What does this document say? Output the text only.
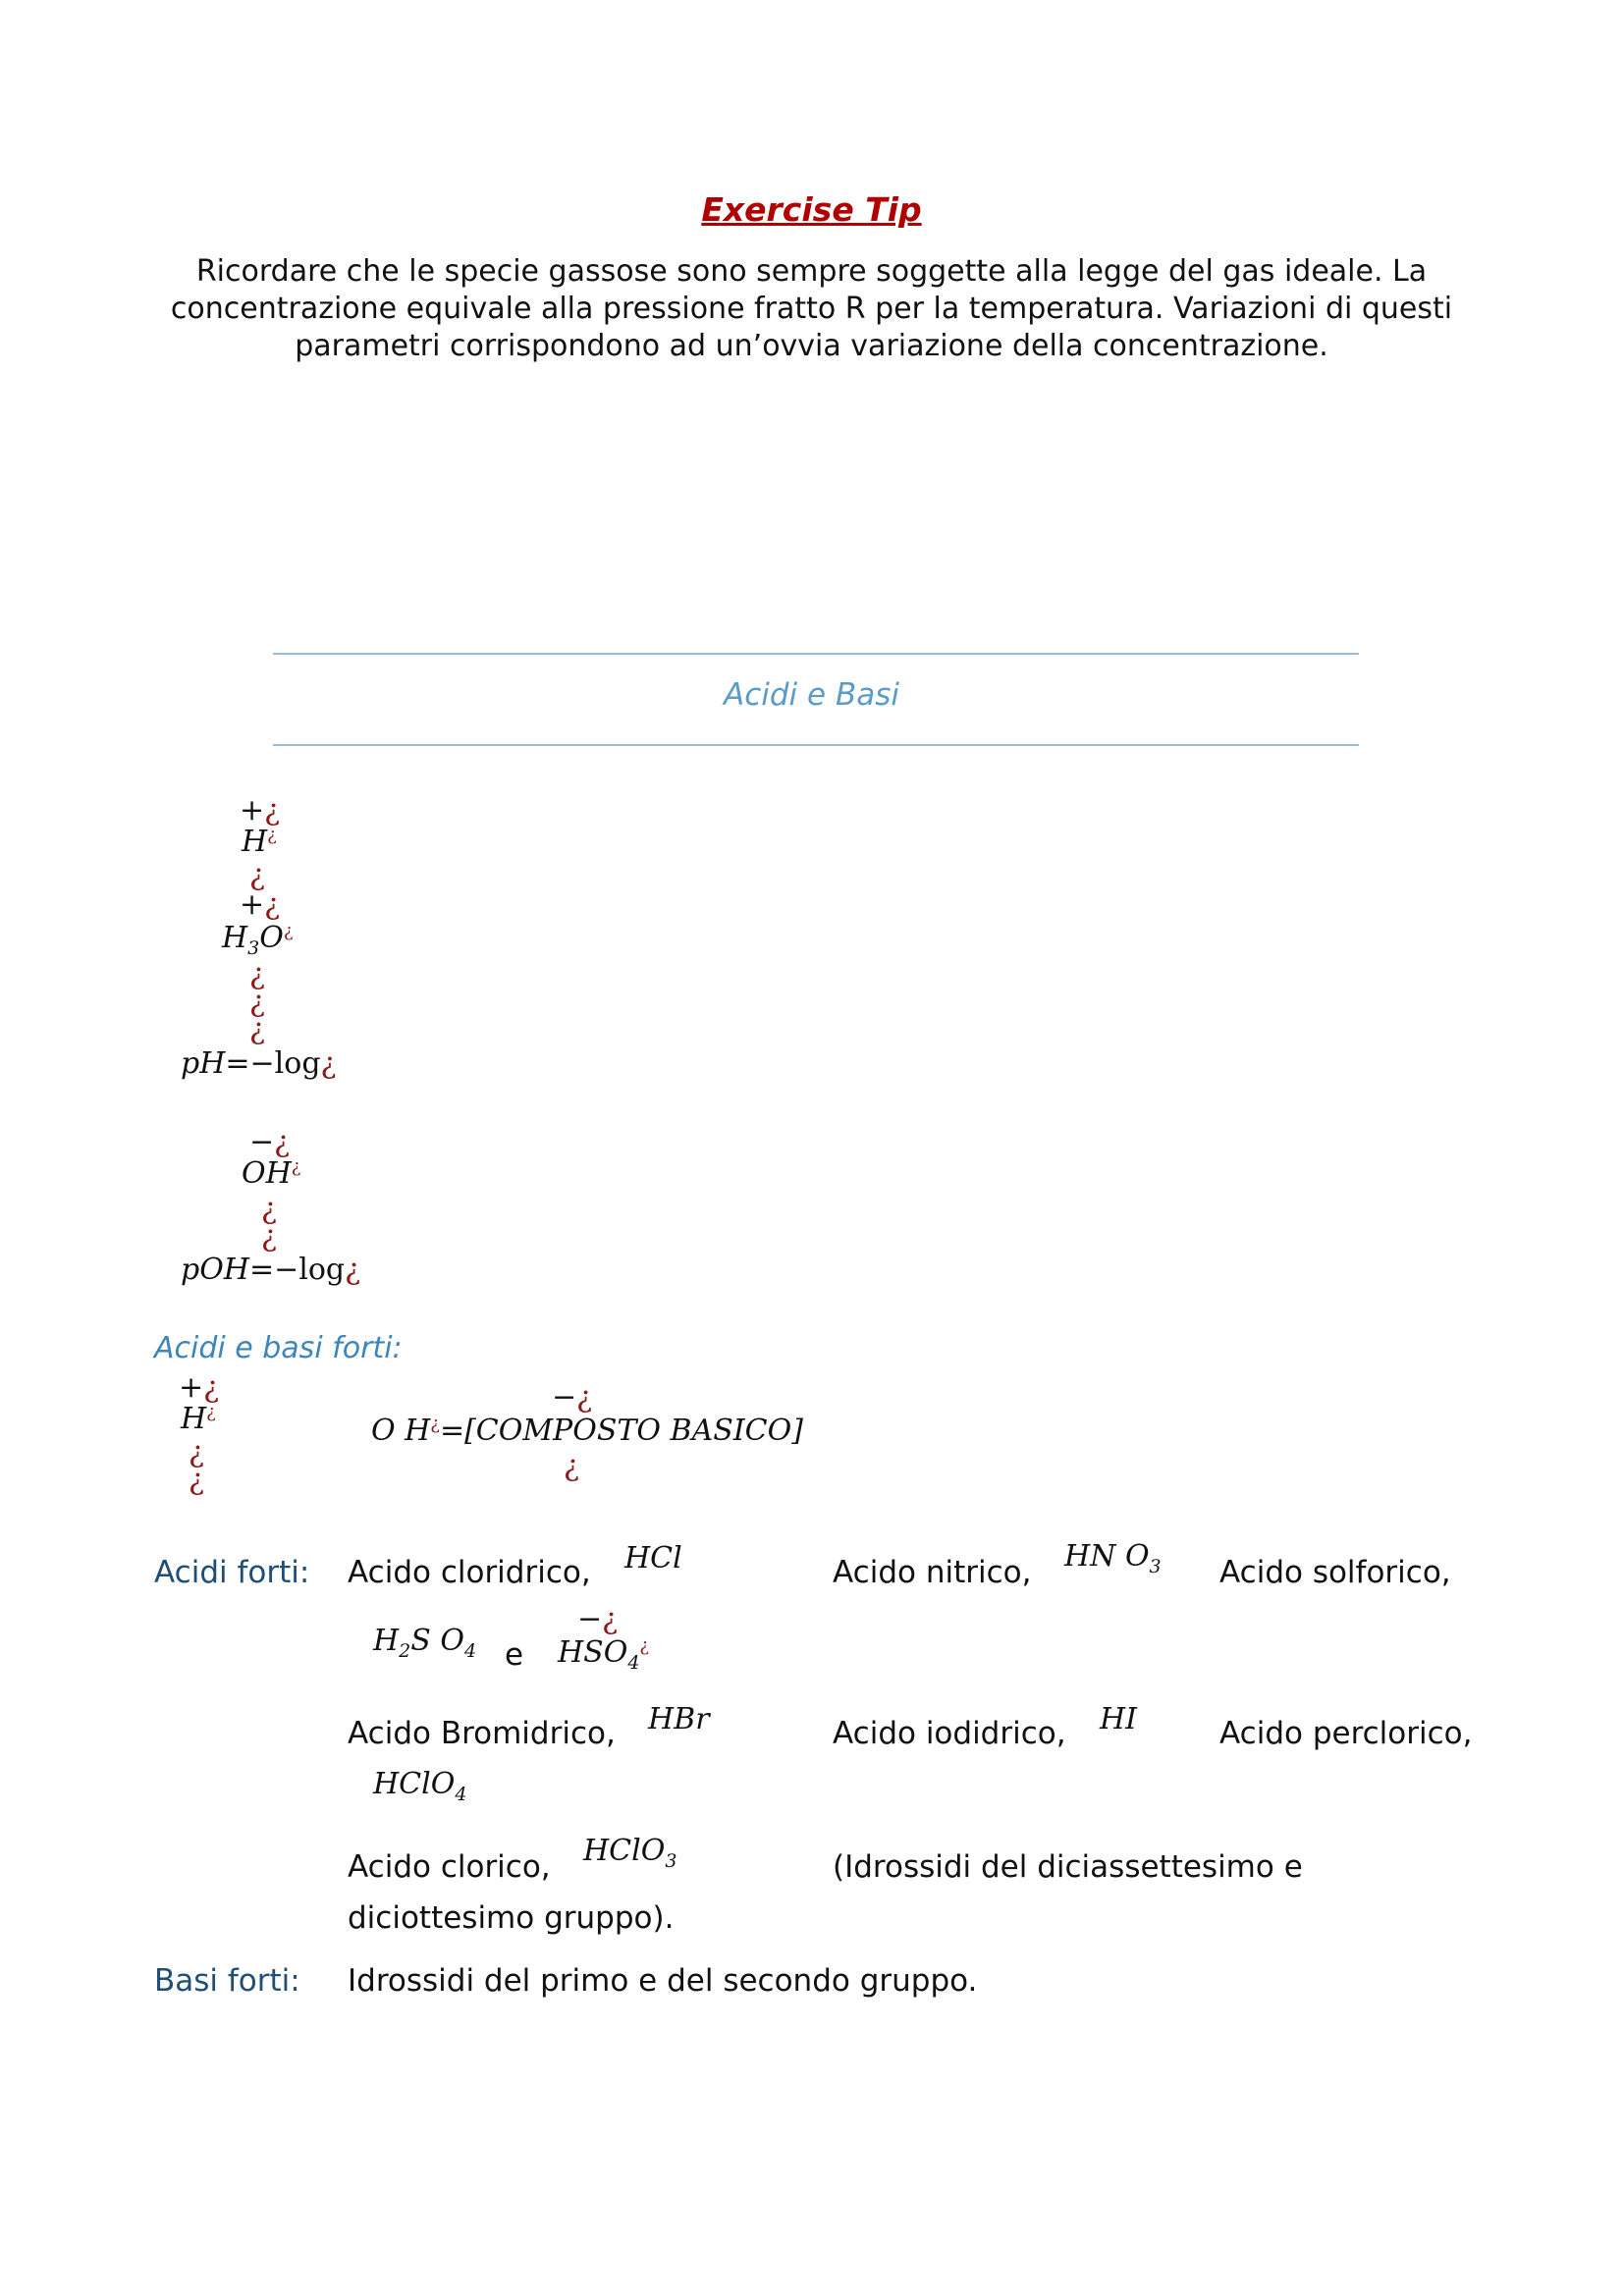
Exercise Tip
Ricordare che le specie gassose sono sempre soggette alla legge del gas ideale. La concentrazione equivale alla pressione fratto R per la temperatura. Variazioni di questi parametri corrispondono ad un’ovvia variazione della concentrazione.
Acidi e Basi
+¿
H¿
¿
+¿
$H_3O^¿$
¿
¿
¿
pH=−log¿
−¿
OH¿
¿
¿
pOH=−log¿
Acidi e basi forti:
+¿
H¿
¿
¿
−¿
O H¿=[COMPOSTO BASICO]
¿
Acidi forti: Acido cloridrico, HCl	Acido nitrico, HN $O_3$ Acido solforico,
$H_2S$ $O_4$ e
−¿
$HSO_4^¿$
Acido Bromidrico, HBr	Acido iodidrico, HI	Acido perclorico,
HClO$_4$
Acido clorico, HClO$_3$	(Idrossidi del diciassettesimo e
diciottesimo gruppo).
Basi forti: Idrossidi del primo e del secondo gruppo.
